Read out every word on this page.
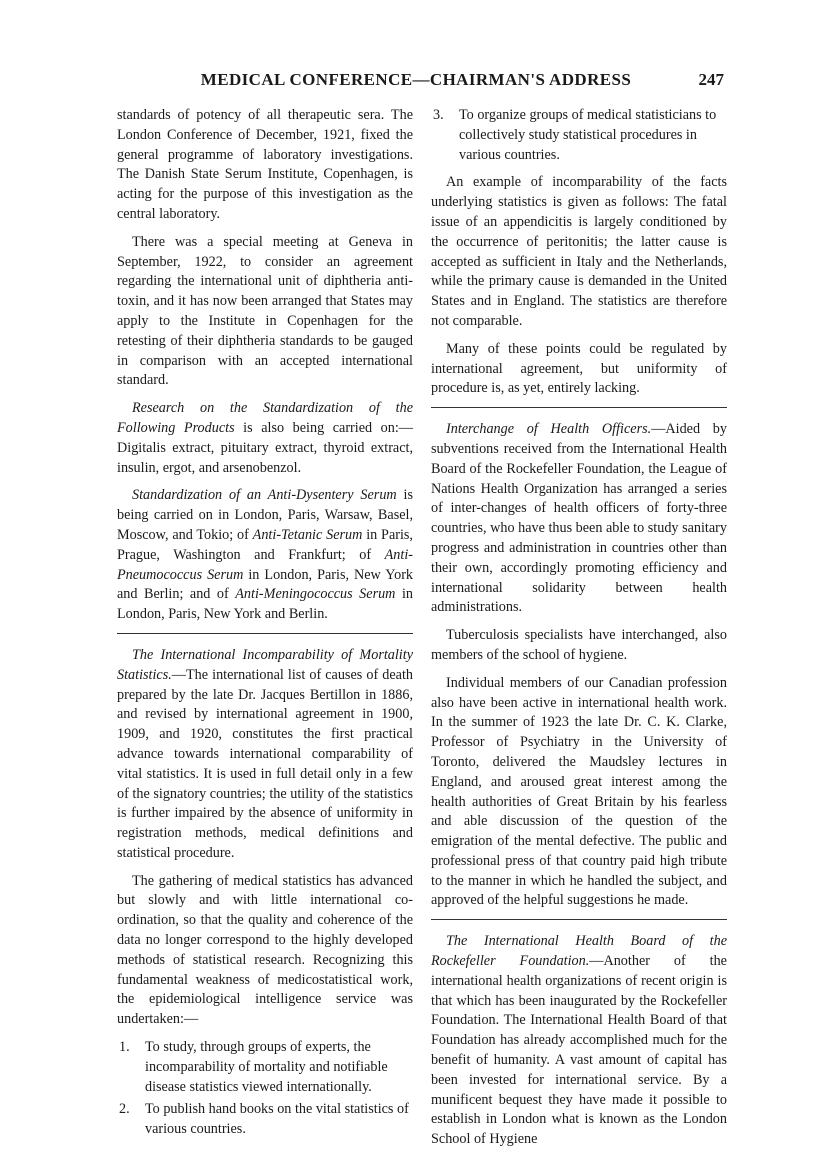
MEDICAL CONFERENCE—CHAIRMAN'S ADDRESS	247

standards of potency of all therapeutic sera. The London Conference of December, 1921, fixed the general programme of laboratory investigations. The Danish State Serum Institute, Copenhagen, is acting for the purpose of this investigation as the central laboratory.

There was a special meeting at Geneva in September, 1922, to consider an agreement regarding the international unit of diphtheria anti-toxin, and it has now been arranged that States may apply to the Institute in Copenhagen for the retesting of their diphtheria standards to be gauged in comparison with an accepted international standard.

Research on the Standardization of the Following Products is also being carried on:— Digitalis extract, pituitary extract, thyroid extract, insulin, ergot, and arsenobenzol.

Standardization of an Anti-Dysentery Serum is being carried on in London, Paris, Warsaw, Basel, Moscow, and Tokio; of Anti-Tetanic Serum in Paris, Prague, Washington and Frankfurt; of Anti-Pneumococcus Serum in London, Paris, New York and Berlin; and of Anti-Meningococcus Serum in London, Paris, New York and Berlin.

The International Incomparability of Mortality Statistics.—The international list of causes of death prepared by the late Dr. Jacques Bertillon in 1886, and revised by international agreement in 1900, 1909, and 1920, constitutes the first practical advance towards international comparability of vital statistics. It is used in full detail only in a few of the signatory countries; the utility of the statistics is further impaired by the absence of uniformity in registration methods, medical definitions and statistical procedure.

The gathering of medical statistics has advanced but slowly and with little international co-ordination, so that the quality and coherence of the data no longer correspond to the highly developed methods of statistical research. Recognizing this fundamental weakness of medicostatistical work, the epidemiological intelligence service was undertaken:—

1.	To study, through groups of experts, the incomparability of mortality and notifiable disease statistics viewed internationally.
2.	To publish hand books on the vital statistics of various countries.
3.	To organize groups of medical statisticians to collectively study statistical procedures in various countries.

An example of incomparability of the facts underlying statistics is given as follows: The fatal issue of an appendicitis is largely conditioned by the occurrence of peritonitis; the latter cause is accepted as sufficient in Italy and the Netherlands, while the primary cause is demanded in the United States and in England. The statistics are therefore not comparable.

Many of these points could be regulated by international agreement, but uniformity of procedure is, as yet, entirely lacking.

Interchange of Health Officers.—Aided by subventions received from the International Health Board of the Rockefeller Foundation, the League of Nations Health Organization has arranged a series of inter-changes of health officers of forty-three countries, who have thus been able to study sanitary progress and administration in countries other than their own, accordingly promoting efficiency and international solidarity between health administrations.

Tuberculosis specialists have interchanged, also members of the school of hygiene.

Individual members of our Canadian profession also have been active in international health work. In the summer of 1923 the late Dr. C. K. Clarke, Professor of Psychiatry in the University of Toronto, delivered the Maudsley lectures in England, and aroused great interest among the health authorities of Great Britain by his fearless and able discussion of the question of the emigration of the mental defective. The public and professional press of that country paid high tribute to the manner in which he handled the subject, and approved of the helpful suggestions he made.

The International Health Board of the Rockefeller Foundation.—Another of the international health organizations of recent origin is that which has been inaugurated by the Rockefeller Foundation. The International Health Board of that Foundation has already accomplished much for the benefit of humanity. A vast amount of capital has been invested for international service. By a munificent bequest they have made it possible to establish in London what is known as the London School of Hygiene
